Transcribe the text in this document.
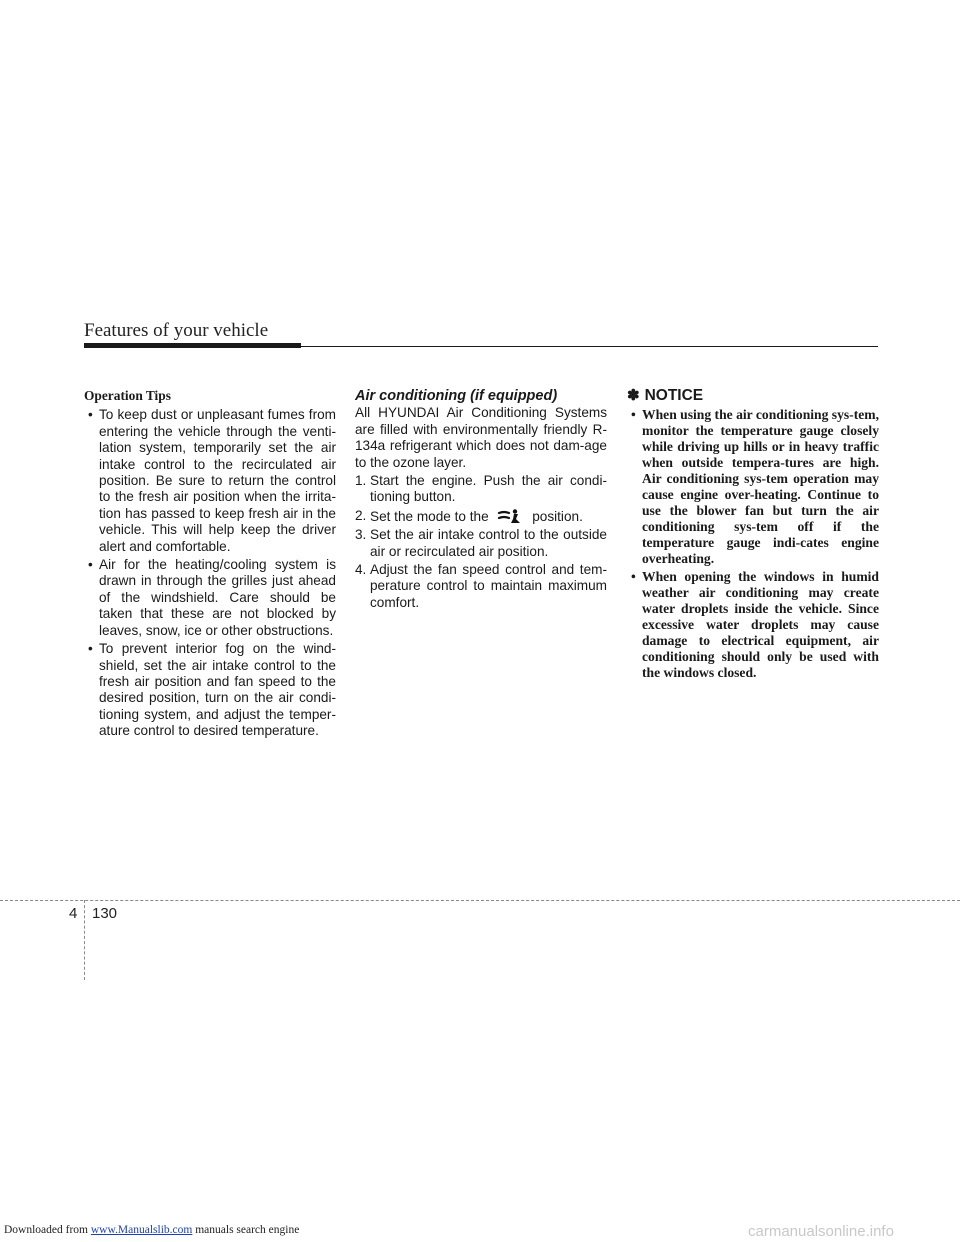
Features of your vehicle
Operation Tips
• To keep dust or unpleasant fumes from entering the vehicle through the venti-lation system, temporarily set the air intake control to the recirculated air position. Be sure to return the control to the fresh air position when the irrita-tion has passed to keep fresh air in the vehicle. This will help keep the driver alert and comfortable.
• Air for the heating/cooling system is drawn in through the grilles just ahead of the windshield. Care should be taken that these are not blocked by leaves, snow, ice or other obstructions.
• To prevent interior fog on the wind-shield, set the air intake control to the fresh air position and fan speed to the desired position, turn on the air condi-tioning system, and adjust the temper-ature control to desired temperature.
Air conditioning (if equipped)

All HYUNDAI Air Conditioning Systems are filled with environmentally friendly R-134a refrigerant which does not dam-age to the ozone layer.

1. Start the engine. Push the air condi-tioning button.
2. Set the mode to the	position.
3. Set the air intake control to the outside air or recirculated air position.
4. Adjust the fan speed control and tem-perature control to maintain maximum comfort.
✽ NOTICE
• When using the air conditioning sys-tem, monitor the temperature gauge closely while driving up hills or in heavy traffic when outside tempera-tures are high. Air conditioning sys-tem operation may cause engine over-heating. Continue to use the blower fan but turn the air conditioning sys-tem off if the temperature gauge indi-cates engine overheating.
• When opening the windows in humid weather air conditioning may create water droplets inside the vehicle. Since excessive water droplets may cause damage to electrical equipment, air conditioning should only be used with the windows closed.
4 130
Downloaded from www.Manualslib.com manuals search engine	carmanualsonline.info
